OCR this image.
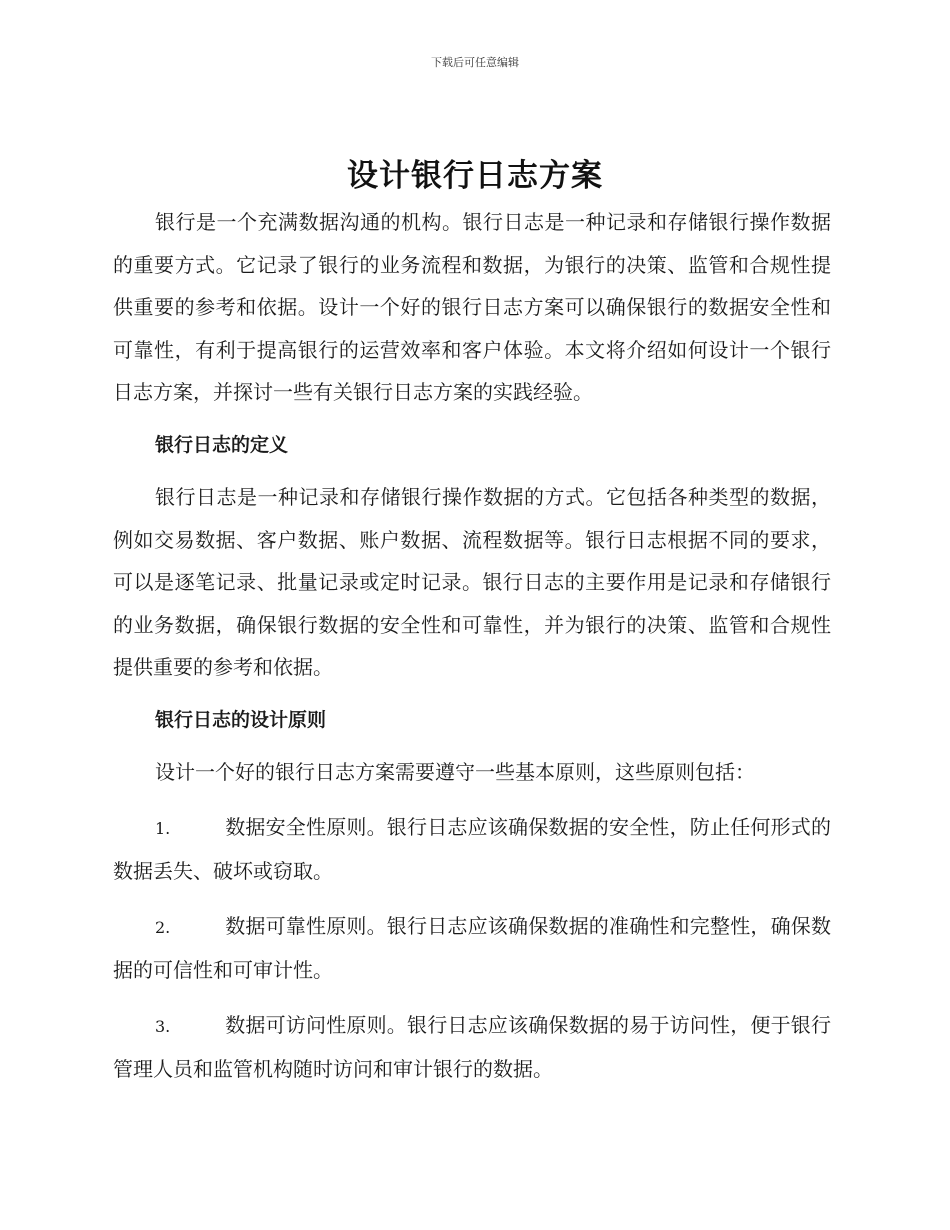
下载后可任意编辑
设计银行日志方案

银行是一个充满数据沟通的机构。银行日志是一种记录和存储银行操作数据的重要方式。它记录了银行的业务流程和数据，为银行的决策、监管和合规性提供重要的参考和依据。设计一个好的银行日志方案可以确保银行的数据安全性和可靠性，有利于提高银行的运营效率和客户体验。本文将介绍如何设计一个银行日志方案，并探讨一些有关银行日志方案的实践经验。

银行日志的定义

银行日志是一种记录和存储银行操作数据的方式。它包括各种类型的数据，例如交易数据、客户数据、账户数据、流程数据等。银行日志根据不同的要求，可以是逐笔记录、批量记录或定时记录。银行日志的主要作用是记录和存储银行的业务数据，确保银行数据的安全性和可靠性，并为银行的决策、监管和合规性提供重要的参考和依据。

银行日志的设计原则

设计一个好的银行日志方案需要遵守一些基本原则，这些原则包括：

1.	数据安全性原则。银行日志应该确保数据的安全性，防止任何形式的数据丢失、破坏或窃取。

2.	数据可靠性原则。银行日志应该确保数据的准确性和完整性，确保数据的可信性和可审计性。

3.	数据可访问性原则。银行日志应该确保数据的易于访问性，便于银行管理人员和监管机构随时访问和审计银行的数据。
